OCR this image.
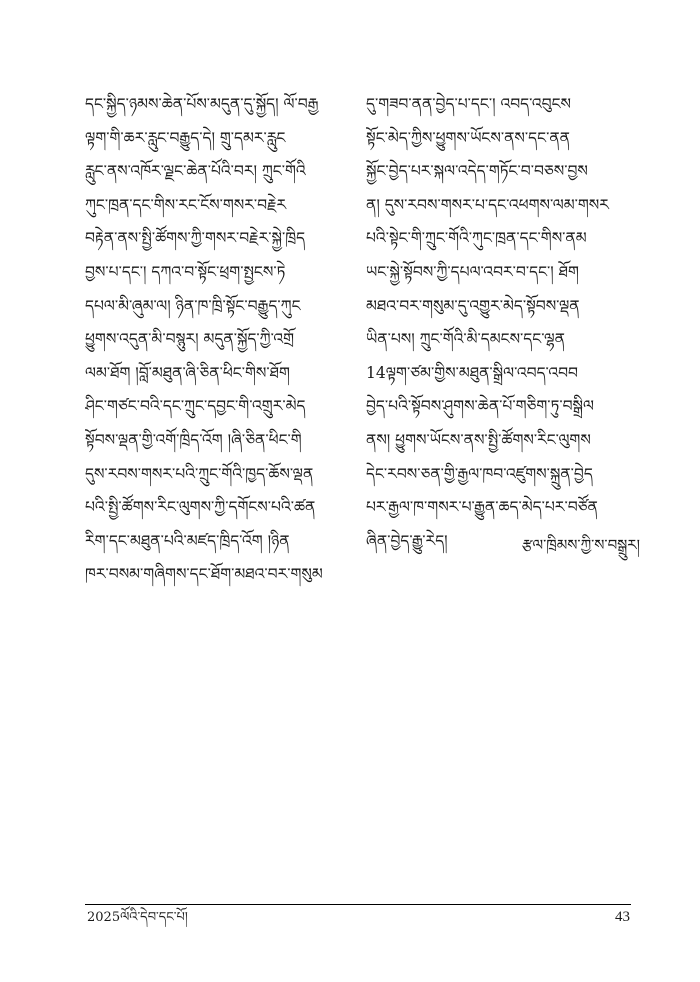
དང་སྐྱིད་ཉམས་ཆེན་པོས་མདུན་དུ་སྐྱོད། ལོ་བརྒྱ
ལྟག་གི་ཆར་རླུང་བརྒྱུད་དེ། གྲུ་དམར་རླུང
རླུང་ནས་འཁོར་ལྗང་ཆེན་པོའི་བར། ཀྲུང་གོའི
ཀུང་ཁྲན་དང་གིས་རང་ངོས་གསར་བརྗེར
བརྟེན་ནས་སྤྱི་ཚོགས་ཀྱི་གསར་བརྗེར་སྐྱེ་ཁྲིད
བྱས་པ་དང་། དཀའ་བ་སྟོང་ཕྲག་སྤྱངས་ཏེ
དཔལ་མི་ཞུམ་ལ། ཉིན་ཁ་ཁྲི་སྟོང་བརྒྱུད་ཀུང
ཕྱུགས་འདུན་མི་བསྙུར། མདུན་སྐྱོད་ཀྱི་འགྲོ
ལམ་ཐོག །བློ་མཐུན་ཞི་ཅིན་ཕིང་གིས་ཐོག
ཤིང་གཙང་བའི་དང་ཀྲུང་དབྱང་གི་འགྲུར་མེད
སྟོབས་ལྡན་གྱི་འགོ་ཁྲིད་འོག །ཞི་ཅིན་ཕིང་གི
དུས་རབས་གསར་པའི་ཀྲུང་གོའི་ཁྱད་ཆོས་ལྡན
པའི་སྤྱི་ཚོགས་རིང་ལུགས་ཀྱི་དགོངས་པའི་ཚན
རིག་དང་མཐུན་པའི་མཛད་ཁྲིད་འོག །ཉིན
ཁར་བསམ་གཞིགས་དང་ཐོག་མཐའ་བར་གསུམ
དུ་གཟབ་ནན་བྱེད་པ་དང་། འབད་འབུངས
སྟོང་མེད་ཀྱིས་ཕྱུགས་ཡོངས་ནས་དང་ནན
སྐྱོང་བྱེད་པར་སྐལ་འདེད་གཏོང་བ་བཅས་བྱས
ན། དུས་རབས་གསར་པ་དང་འཕགས་ལམ་གསར
པའི་སྟེང་གི་ཀྲུང་གོའི་ཀུང་ཁྲན་དང་གིས་ནམ
ཡང་སྐྱེ་སྟོབས་ཀྱི་དཔལ་འབར་བ་དང་། ཐོག
མཐའ་བར་གསུམ་དུ་འགྱུར་མེད་སྟོབས་ལྡན
ཡིན་པས། ཀྲུང་གོའི་མི་དམངས་དང་ལྷན
14ལྟག་ཙམ་གྱིས་མཐུན་སྒྲིལ་འབད་འབབ
བྱེད་པའི་སྟོབས་ཤུགས་ཆེན་པོ་གཅིག་ཏུ་བསྒྲིལ
ནས། ཕྱུགས་ཡོངས་ནས་སྤྱི་ཚོགས་རིང་ལུགས
དེང་རབས་ཅན་གྱི་རྒྱལ་ཁབ་འཛུགས་སྐྲུན་བྱེད
པར་རྒྱལ་ཁ་གསར་པ་རྒྱུན་ཆད་མེད་པར་བཙོན
ཞིན་བྱེད་རྒྱུ་རེད།	རྩལ་ཁྲིམས་ཀྱི་ས་བསྒྲུར།
2025ལོའི་དེབ་དང་པོ།	43
